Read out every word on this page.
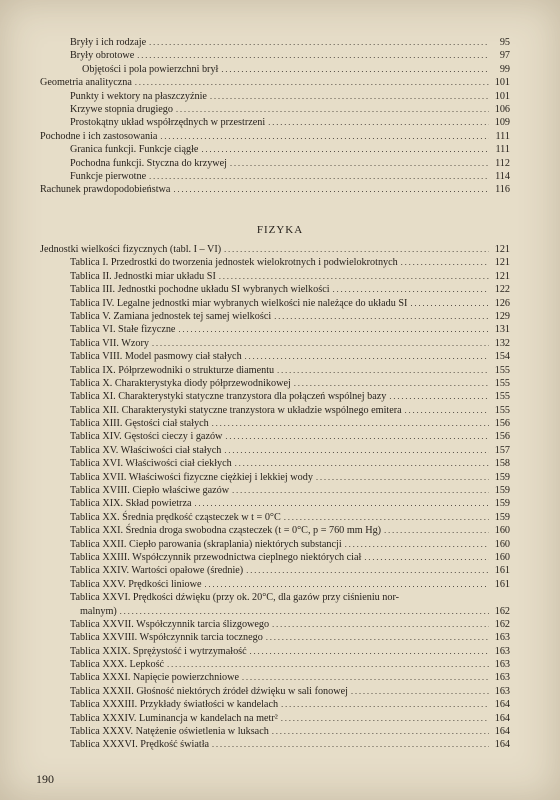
Bryły i ich rodzaje .....	95
Bryły obrotowe .....	97
Objętości i pola powierzchni brył .....	99
Geometria analityczna .....	101
Punkty i wektory na płaszczyźnie .....	101
Krzywe stopnia drugiego .....	106
Prostokątny układ współrzędnych w przestrzeni .....	109
Pochodne i ich zastosowania .....	111
Granica funkcji. Funkcje ciągłe .....	111
Pochodna funkcji. Styczna do krzywej .....	112
Funkcje pierwotne .....	114
Rachunek prawdopodobieństwa .....	116
FIZYKA
Jednostki wielkości fizycznych (tabl. I – VI) .....	121
Tablica I. Przedrostki do tworzenia jednostek wielokrotnych i podwielokrotnych .....	121
Tablica II. Jednostki miar układu SI .....	121
Tablica III. Jednostki pochodne układu SI wybranych wielkości .....	122
Tablica IV. Legalne jednostki miar wybranych wielkości nie należące do układu SI .....	126
Tablica V. Zamiana jednostek tej samej wielkości .....	129
Tablica VI. Stałe fizyczne .....	131
Tablica VII. Wzory .....	132
Tablica VIII. Model pasmowy ciał stałych .....	154
Tablica IX. Półprzewodniki o strukturze diamentu .....	155
Tablica X. Charakterystyka diody półprzewodnikowej .....	155
Tablica XI. Charakterystyki statyczne tranzystora dla połączeń wspólnej bazy .....	155
Tablica XII. Charakterystyki statyczne tranzystora w układzie wspólnego emitera .....	155
Tablica XIII. Gęstości ciał stałych .....	156
Tablica XIV. Gęstości cieczy i gazów .....	156
Tablica XV. Właściwości ciał stałych .....	157
Tablica XVI. Właściwości ciał ciekłych .....	158
Tablica XVII. Właściwości fizyczne ciężkiej i lekkiej wody .....	159
Tablica XVIII. Ciepło właściwe gazów .....	159
Tablica XIX. Skład powietrza .....	159
Tablica XX. Średnia prędkość cząsteczek w t = 0°C .....	159
Tablica XXI. Średnia droga swobodna cząsteczek (t = 0°C, p = 760 mm Hg) .....	160
Tablica XXII. Ciepło parowania (skraplania) niektórych substancji .....	160
Tablica XXIII. Współczynnik przewodnictwa cieplnego niektórych ciał .....	160
Tablica XXIV. Wartości opałowe (średnie) .....	161
Tablica XXV. Prędkości liniowe .....	161
Tablica XXVI. Prędkości dźwięku (przy ok. 20°C, dla gazów przy ciśnieniu nor-
malnym) .....	162
Tablica XXVII. Współczynnik tarcia ślizgowego .....	162
Tablica XXVIII. Współczynnik tarcia tocznego .....	163
Tablica XXIX. Sprężystość i wytrzymałość .....	163
Tablica XXX. Lepkość .....	163
Tablica XXXI. Napięcie powierzchniowe .....	163
Tablica XXXII. Głośność niektórych źródeł dźwięku w sali fonowej .....	163
Tablica XXXIII. Przykłady światłości w kandelach .....	164
Tablica XXXIV. Luminancja w kandelach na metr² .....	164
Tablica XXXV. Natężenie oświetlenia w luksach .....	164
Tablica XXXVI. Prędkość światła .....	164
190
